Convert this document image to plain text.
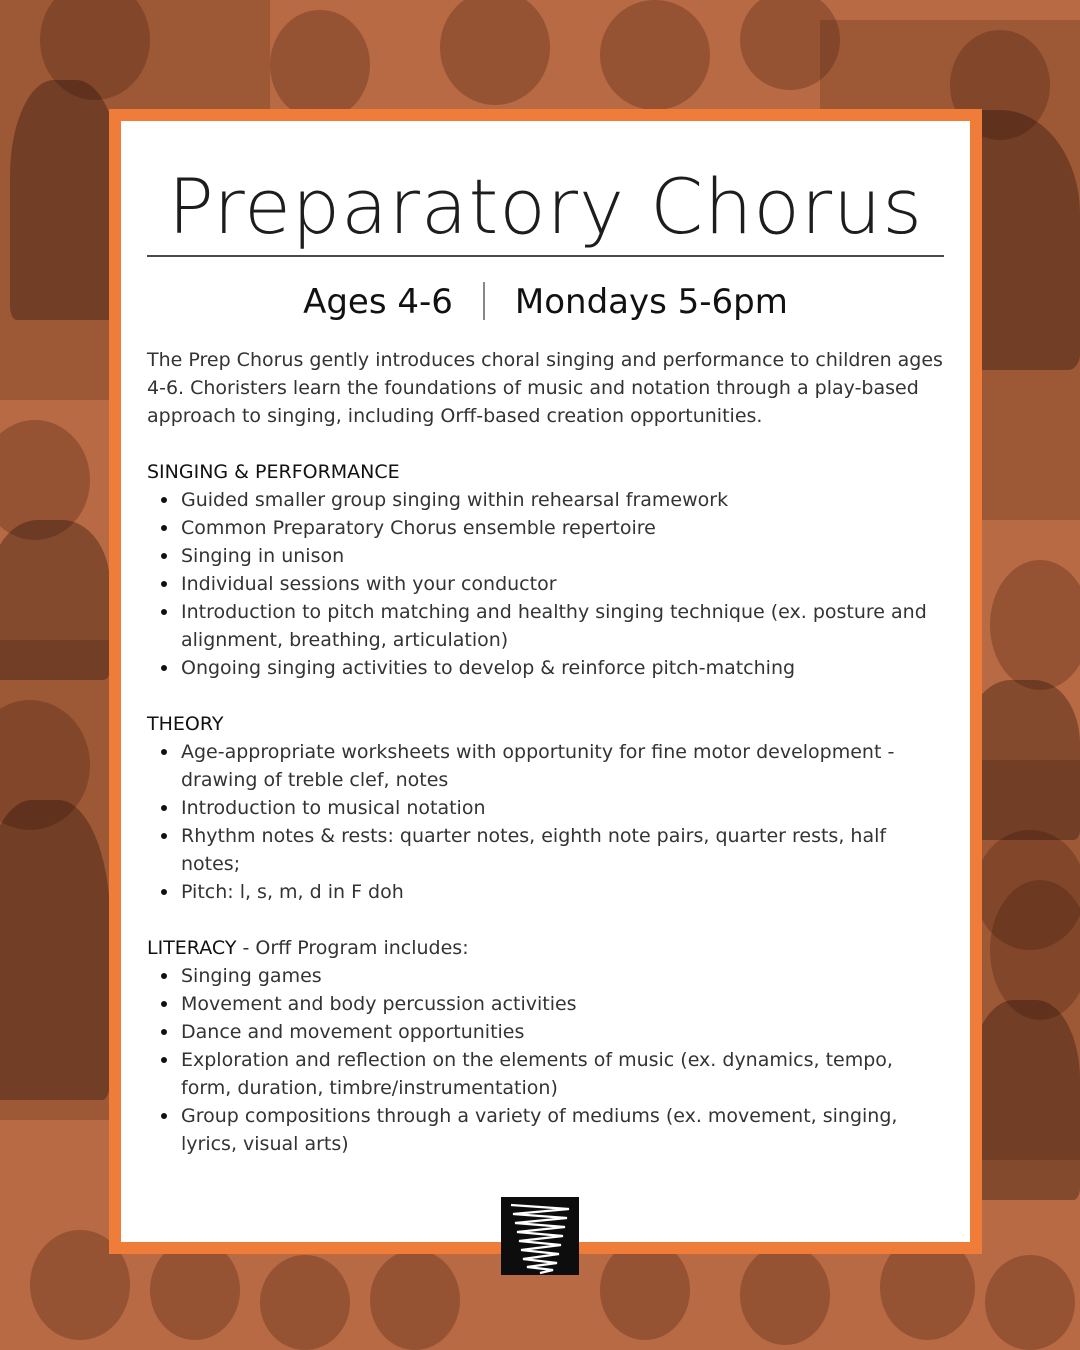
Preparatory Chorus
Ages 4-6 Mondays 5-6pm

The Prep Chorus gently introduces choral singing and performance to children ages 4-6. Choristers learn the foundations of music and notation through a play-based approach to singing, including Orff-based creation opportunities.

SINGING & PERFORMANCE
Guided smaller group singing within rehearsal framework
Common Preparatory Chorus ensemble repertoire
Singing in unison
Individual sessions with your conductor
Introduction to pitch matching and healthy singing technique (ex. posture and alignment, breathing, articulation)
Ongoing singing activities to develop & reinforce pitch-matching
THEORY
Age-appropriate worksheets with opportunity for fine motor development - drawing of treble clef, notes
Introduction to musical notation
Rhythm notes & rests: quarter notes, eighth note pairs, quarter rests, half notes;
Pitch: l, s, m, d in F doh
LITERACY - Orff Program includes:
Singing games
Movement and body percussion activities
Dance and movement opportunities
Exploration and reflection on the elements of music (ex. dynamics, tempo, form, duration, timbre/instrumentation)
Group compositions through a variety of mediums (ex. movement, singing, lyrics, visual arts)
